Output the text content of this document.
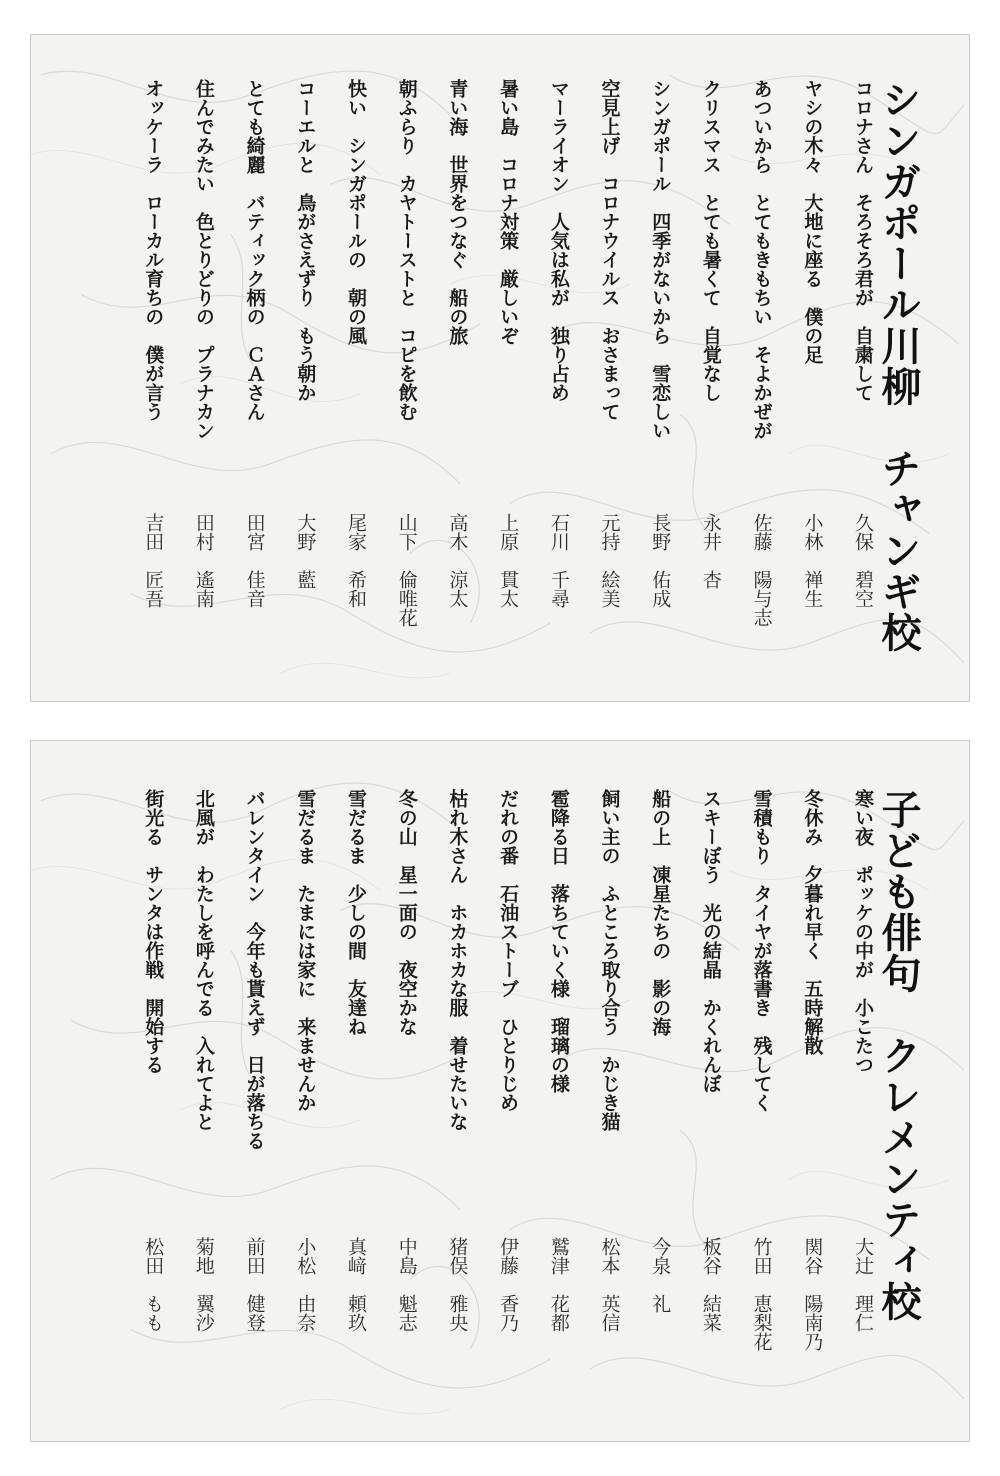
シンガポール川柳　チャンギ校
コロナさん　そろそろ君が　自粛して
久保　碧空
ヤシの木々　大地に座る　僕の足
小林　禅生
あついから　とてもきもちい　そよかぜが
佐藤　陽与志
クリスマス　とても暑くて　自覚なし
永井　杏
シンガポール　四季がないから　雪恋しい
長野　佑成
空見上げ　コロナウイルス　おさまって
元持　絵美
マーライオン　人気は私が　独り占め
石川　千尋
暑い島　コロナ対策　厳しいぞ
上原　貫太
青い海　世界をつなぐ　船の旅
高木　涼太
朝ふらり　カヤトーストと　コピを飲む
山下　倫唯花
快い　シンガポールの　朝の風
尾家　希和
コーエルと　鳥がさえずり　もう朝か
大野　藍
とても綺麗　バティック柄の　ＣＡさん
田宮　佳音
住んでみたい　色とりどりの　プラナカン
田村　遙南
オッケーラ　ローカル育ちの　僕が言う
吉田　匠吾
子ども俳句　クレメンティ校
寒い夜　ポッケの中が　小こたつ
大辻　理仁
冬休み　夕暮れ早く　五時解散
関谷　陽南乃
雪積もり　タイヤが落書き　残してく
竹田　恵梨花
スキーぼう　光の結晶　かくれんぼ
板谷　結菜
船の上　凍星たちの　影の海
今泉　礼
飼い主の　ふところ取り合う　かじき猫
松本　英信
雹降る日　落ちていく様　瑠璃の様
鷲津　花都
だれの番　石油ストーブ　ひとりじめ
伊藤　香乃
枯れ木さん　ホカホカな服　着せたいな
猪俣　雅央
冬の山　星一面の　夜空かな
中島　魁志
雪だるま　少しの間　友達ね
真﨑　頼玖
雪だるま　たまには家に　来ませんか
小松　由奈
バレンタイン　今年も貰えず　日が落ちる
前田　健登
北風が　わたしを呼んでる　入れてよと
菊地　翼沙
街光る　サンタは作戦　開始する
松田　もも
